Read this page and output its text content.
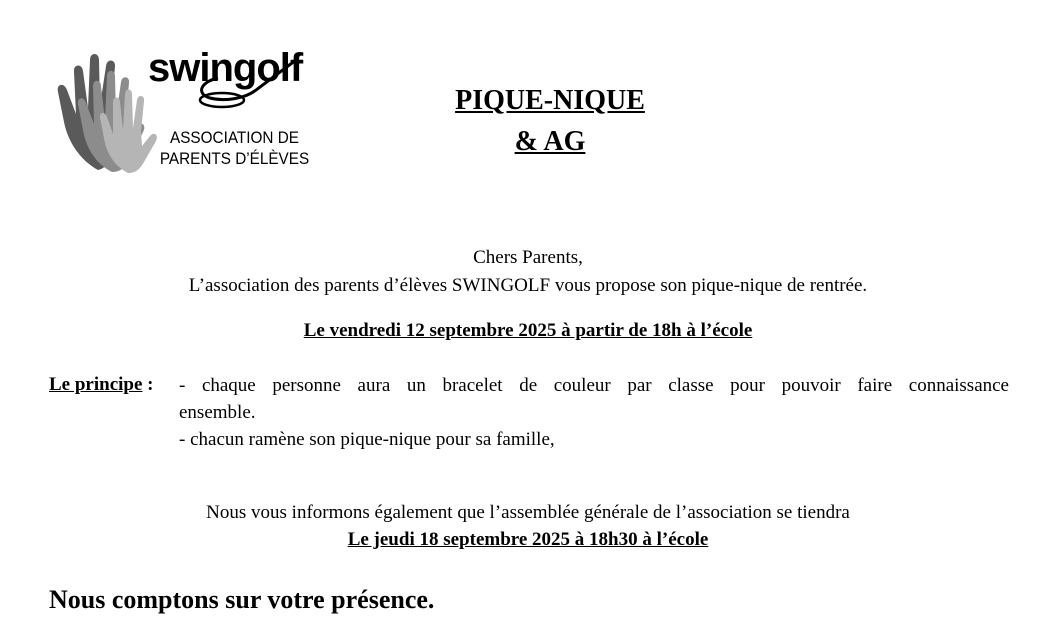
swingolf
ASSOCIATION DE
PARENTS D’ÉLÈVES
PIQUE-NIQUE
& AG
Chers Parents,
L’association des parents d’élèves SWINGOLF vous propose son pique-nique de rentrée.
Le vendredi 12 septembre 2025 à partir de 18h à l’école
Le principe : - chaque personne aura un bracelet de couleur par classe pour pouvoir faire connaissance
ensemble.
- chacun ramène son pique-nique pour sa famille,
Nous vous informons également que l’assemblée générale de l’association se tiendra
Le jeudi 18 septembre 2025 à 18h30 à l’école
Nous comptons sur votre présence.
